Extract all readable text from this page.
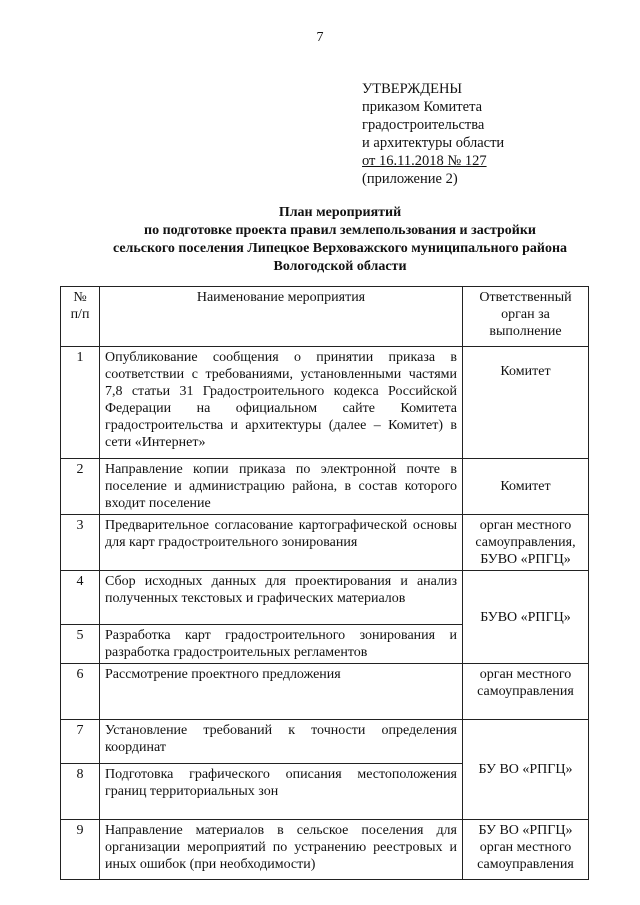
7
УТВЕРЖДЕНЫ
приказом Комитета
градостроительства
и архитектуры области
от 16.11.2018 № 127
(приложение 2)
План мероприятий
по подготовке проекта правил землепользования и застройки
сельского поселения Липецкое Верховажского муниципального района
Вологодской области
№ п/п	Наименование мероприятия	Ответственный орган за выполнение
1	Опубликование сообщения о принятии приказа в соответствии с требованиями, установленными частями 7,8 статьи 31 Градостроительного кодекса Российской Федерации на официальном сайте Комитета градостроительства и архитектуры (далее – Комитет) в сети «Интернет»	Комитет

2	Направление копии приказа по электронной почте в поселение и администрацию района, в состав которого входит поселение	Комитет
3	Предварительное согласование картографической основы для карт градостроительного зонирования	орган местного самоуправления, БУВО «РПГЦ»
4	Сбор исходных данных для проектирования и анализ полученных текстовых и графических материалов	БУВО «РПГЦ»
5	Разработка карт градостроительного зонирования и разработка градостроительных регламентов	
6	Рассмотрение проектного предложения	орган местного самоуправления
7	Установление требований к точности определения координат	БУ ВО «РПГЦ»
8	Подготовка графического описания местоположения границ территориальных зон	
9	Направление материалов в сельское поселения для организации мероприятий по устранению реестровых и иных ошибок (при необходимости)	БУ ВО «РПГЦ» орган местного самоуправления
